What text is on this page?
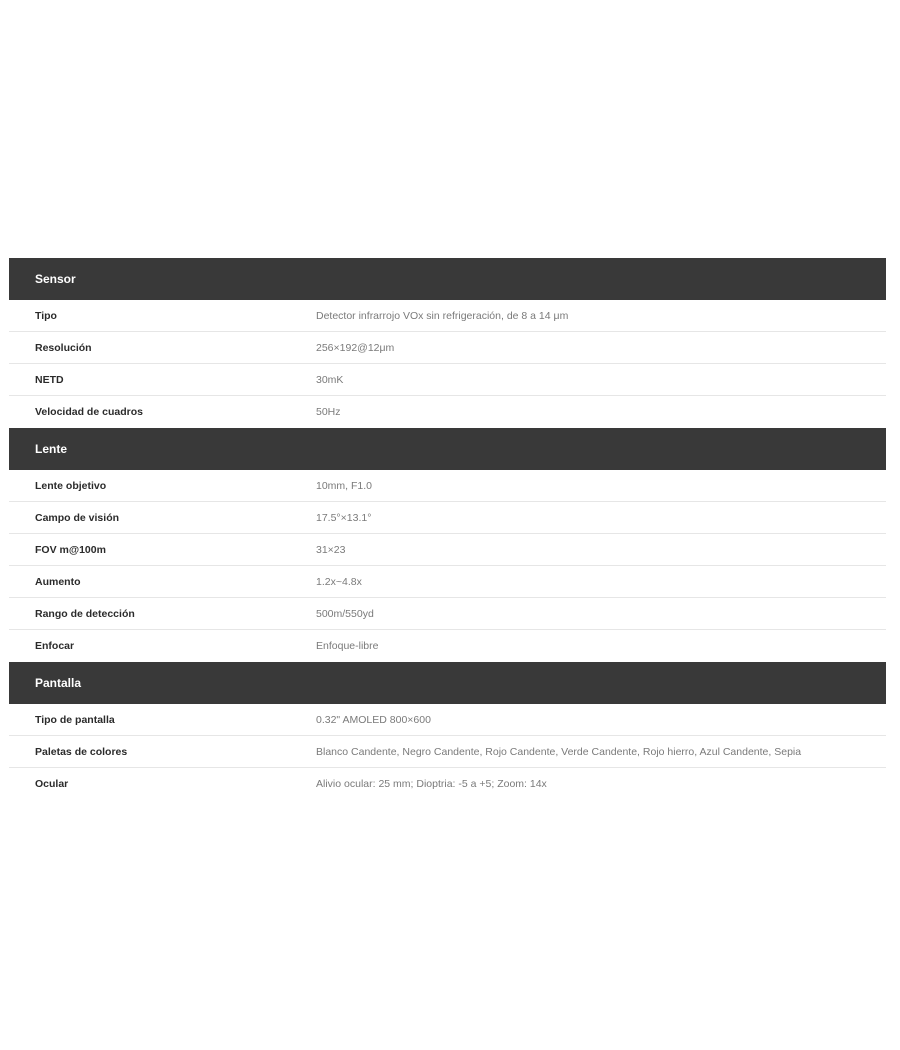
Sensor
Tipo	Detector infrarrojo VOx sin refrigeración, de 8 a 14 μm
Resolución	256×192@12μm
NETD	30mK
Velocidad de cuadros	50Hz
Lente
Lente objetivo	10mm, F1.0
Campo de visión	17.5°×13.1°
FOV m@100m	31×23
Aumento	1.2x~4.8x
Rango de detección	500m/550yd
Enfocar	Enfoque-libre
Pantalla
Tipo de pantalla	0.32" AMOLED 800×600
Paletas de colores	Blanco Candente, Negro Candente, Rojo Candente, Verde Candente, Rojo hierro, Azul Candente, Sepia
Ocular	Alivio ocular: 25 mm; Dioptria: -5 a +5; Zoom: 14x
